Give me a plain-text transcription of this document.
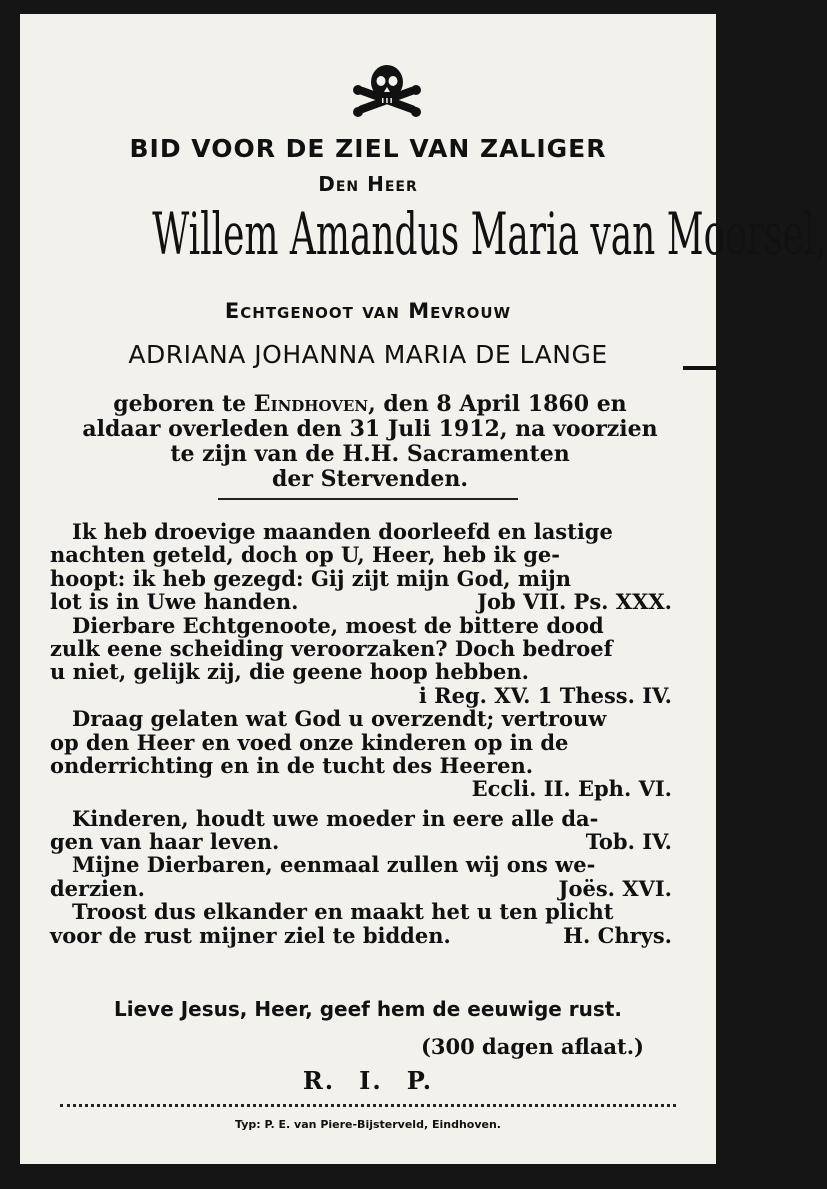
BID VOOR DE ZIEL VAN ZALIGER
Den Heer
Willem Amandus Maria van Moorsel,
Echtgenoot van Mevrouw
ADRIANA JOHANNA MARIA DE LANGE
geboren te Eindhoven, den 8 April 1860 en
aldaar overleden den 31 Juli 1912, na voorzien
te zijn van de H.H. Sacramenten
der Stervenden.
Ik heb droevige maanden doorleefd en lastige
nachten geteld, doch op U, Heer, heb ik ge-
hoopt: ik heb gezegd: Gij zijt mijn God, mijn
lot is in Uwe handen.	Job VII. Ps. XXX.
Dierbare Echtgenoote, moest de bittere dood
zulk eene scheiding veroorzaken? Doch bedroef
u niet, gelijk zij, die geene hoop hebben.
i Reg. XV. 1 Thess. IV.
Draag gelaten wat God u overzendt; vertrouw
op den Heer en voed onze kinderen op in de
onderrichting en in de tucht des Heeren.
Eccli. II. Eph. VI.
Kinderen, houdt uwe moeder in eere alle da-
gen van haar leven.	Tob. IV.
Mijne Dierbaren, eenmaal zullen wij ons we-
derzien.	Joës. XVI.
Troost dus elkander en maakt het u ten plicht
voor de rust mijner ziel te bidden.	H. Chrys.
Lieve Jesus, Heer, geef hem de eeuwige rust.
(300 dagen aflaat.)
R. I. P.
Typ: P. E. van Piere-Bijsterveld, Eindhoven.
